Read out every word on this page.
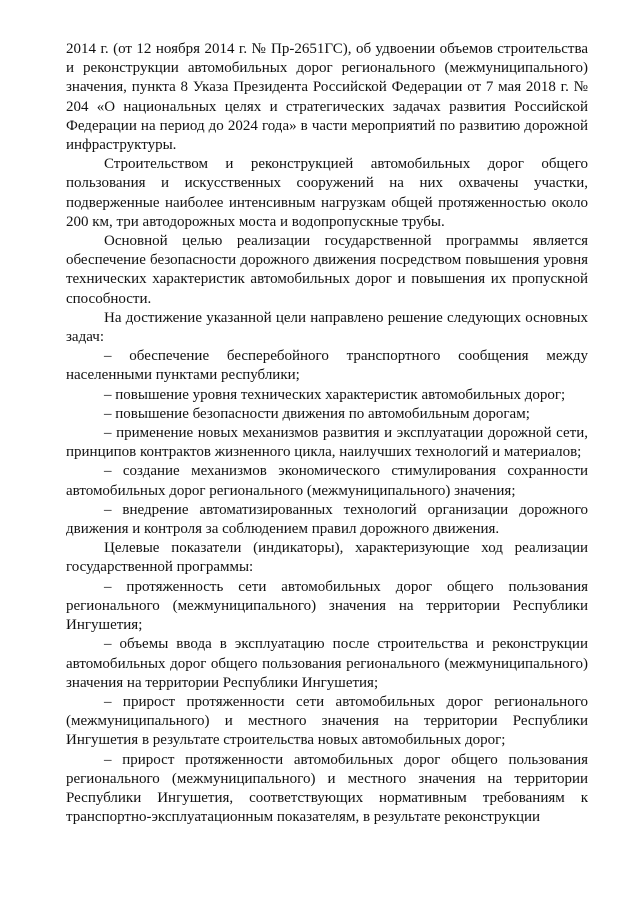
2014 г. (от 12 ноября 2014 г. № Пр-2651ГС), об удвоении объемов строительства и реконструкции автомобильных дорог регионального (межмуниципального) значения, пункта 8 Указа Президента Российской Федерации от 7 мая 2018 г. № 204 «О национальных целях и стратегических задачах развития Российской Федерации на период до 2024 года» в части мероприятий по развитию дорожной инфраструктуры.

Строительством и реконструкцией автомобильных дорог общего пользования и искусственных сооружений на них охвачены участки, подверженные наиболее интенсивным нагрузкам общей протяженностью около 200 км, три автодорожных моста и водопропускные трубы.

Основной целью реализации государственной программы является обеспечение безопасности дорожного движения посредством повышения уровня технических характеристик автомобильных дорог и повышения их пропускной способности.

На достижение указанной цели направлено решение следующих основных задач:

– обеспечение бесперебойного транспортного сообщения между населенными пунктами республики;

– повышение уровня технических характеристик автомобильных дорог;

– повышение безопасности движения по автомобильным дорогам;

– применение новых механизмов развития и эксплуатации дорожной сети, принципов контрактов жизненного цикла, наилучших технологий и материалов;

– создание механизмов экономического стимулирования сохранности автомобильных дорог регионального (межмуниципального) значения;

– внедрение автоматизированных технологий организации дорожного движения и контроля за соблюдением правил дорожного движения.

Целевые показатели (индикаторы), характеризующие ход реализации государственной программы:

– протяженность сети автомобильных дорог общего пользования регионального (межмуниципального) значения на территории Республики Ингушетия;

– объемы ввода в эксплуатацию после строительства и реконструкции автомобильных дорог общего пользования регионального (межмуниципального) значения на территории Республики Ингушетия;

– прирост протяженности сети автомобильных дорог регионального (межмуниципального) и местного значения на территории Республики Ингушетия в результате строительства новых автомобильных дорог;

– прирост протяженности автомобильных дорог общего пользования регионального (межмуниципального) и местного значения на территории Республики Ингушетия, соответствующих нормативным требованиям к транспортно-эксплуатационным показателям, в результате реконструкции
